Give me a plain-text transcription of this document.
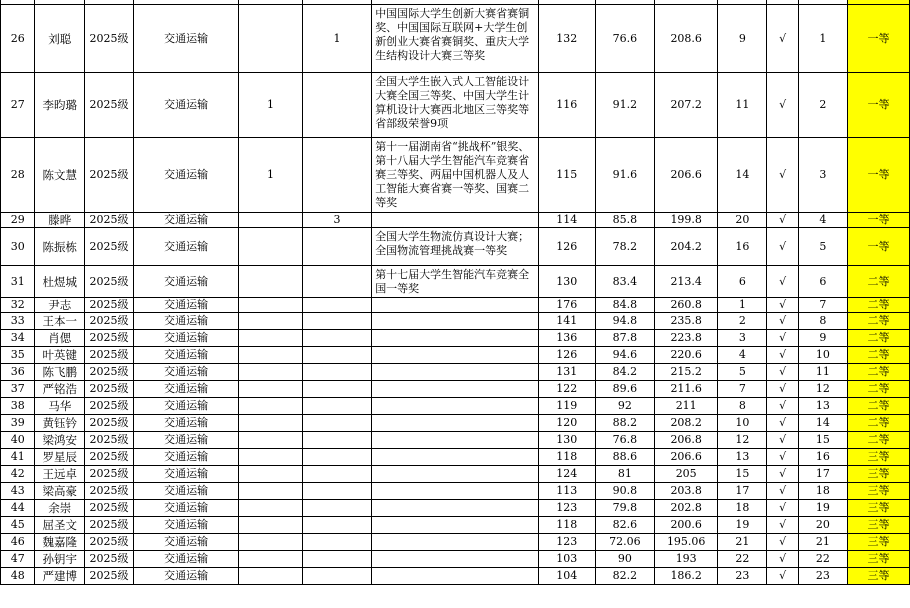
26	刘聪	2025级	交通运输		1	中国国际大学生创新大赛省赛铜奖、中国国际互联网+大学生创新创业大赛省赛铜奖、重庆大学生结构设计大赛三等奖	132	76.6	208.6	9	√	1	一等
27	李昀璐	2025级	交通运输	1		全国大学生嵌入式人工智能设计大赛全国三等奖、中国大学生计算机设计大赛西北地区三等奖等省部级荣誉9项	116	91.2	207.2	11	√	2	一等
28	陈文慧	2025级	交通运输	1		第十一届湖南省“挑战杯”银奖、第十八届大学生智能汽车竞赛省赛三等奖、两届中国机器人及人工智能大赛省赛一等奖、国赛二等奖	115	91.6	206.6	14	√	3	一等
29	滕晔	2025级	交通运输		3		114	85.8	199.8	20	√	4	一等
30	陈振栋	2025级	交通运输			全国大学生物流仿真设计大赛；全国物流管理挑战赛一等奖	126	78.2	204.2	16	√	5	一等
31	杜煜城	2025级	交通运输			第十七届大学生智能汽车竞赛全国一等奖	130	83.4	213.4	6	√	6	二等
32	尹志	2025级	交通运输				176	84.8	260.8	1	√	7	二等
33	王本一	2025级	交通运输				141	94.8	235.8	2	√	8	二等
34	肖偲	2025级	交通运输				136	87.8	223.8	3	√	9	二等
35	叶英键	2025级	交通运输				126	94.6	220.6	4	√	10	二等
36	陈飞鹏	2025级	交通运输				131	84.2	215.2	5	√	11	二等
37	严铭浩	2025级	交通运输				122	89.6	211.6	7	√	12	二等
38	马华	2025级	交通运输				119	92	211	8	√	13	二等
39	黄钰钤	2025级	交通运输				120	88.2	208.2	10	√	14	二等
40	梁鸿安	2025级	交通运输				130	76.8	206.8	12	√	15	二等
41	罗星辰	2025级	交通运输				118	88.6	206.6	13	√	16	三等
42	王远卓	2025级	交通运输				124	81	205	15	√	17	三等
43	梁高豪	2025级	交通运输				113	90.8	203.8	17	√	18	三等
44	余崇	2025级	交通运输				123	79.8	202.8	18	√	19	三等
45	屈圣文	2025级	交通运输				118	82.6	200.6	19	√	20	三等
46	魏嘉隆	2025级	交通运输				123	72.06	195.06	21	√	21	三等
47	孙钥宇	2025级	交通运输				103	90	193	22	√	22	三等
48	严建博	2025级	交通运输				104	82.2	186.2	23	√	23	三等
